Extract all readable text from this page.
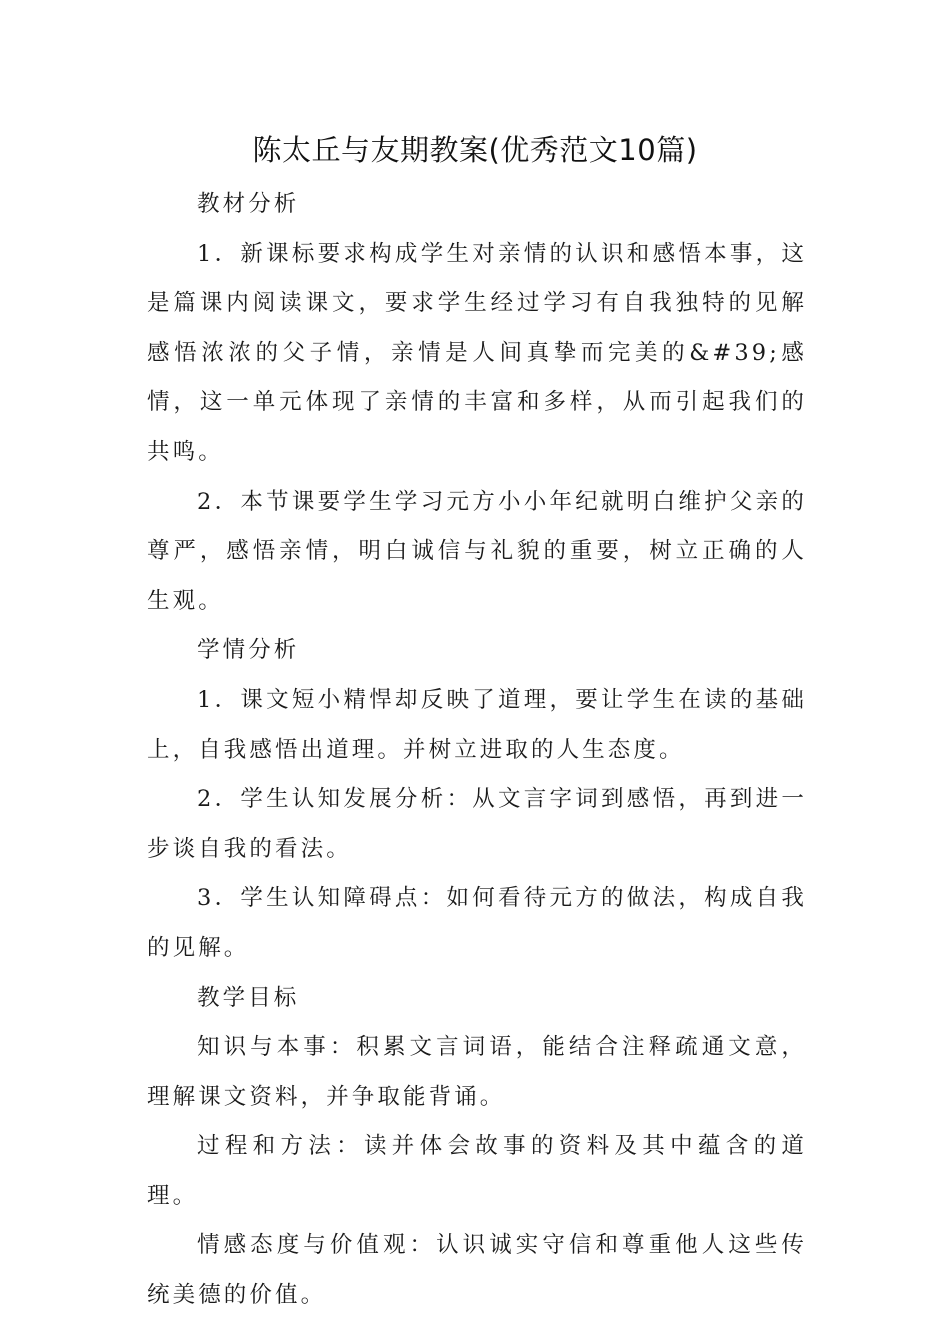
陈太丘与友期教案(优秀范文10篇)

教材分析

1．新课标要求构成学生对亲情的认识和感悟本事，这是篇课内阅读课文，要求学生经过学习有自我独特的见解感悟浓浓的父子情，亲情是人间真挚而完美的&#39;感情，这一单元体现了亲情的丰富和多样，从而引起我们的共鸣。

2．本节课要学生学习元方小小年纪就明白维护父亲的尊严，感悟亲情，明白诚信与礼貌的重要，树立正确的人生观。

学情分析

1．课文短小精悍却反映了道理，要让学生在读的基础上，自我感悟出道理。并树立进取的人生态度。

2．学生认知发展分析：从文言字词到感悟，再到进一步谈自我的看法。

3．学生认知障碍点：如何看待元方的做法，构成自我的见解。

教学目标

知识与本事：积累文言词语，能结合注释疏通文意，理解课文资料，并争取能背诵。

过程和方法：读并体会故事的资料及其中蕴含的道理。

情感态度与价值观：认识诚实守信和尊重他人这些传统美德的价值。
